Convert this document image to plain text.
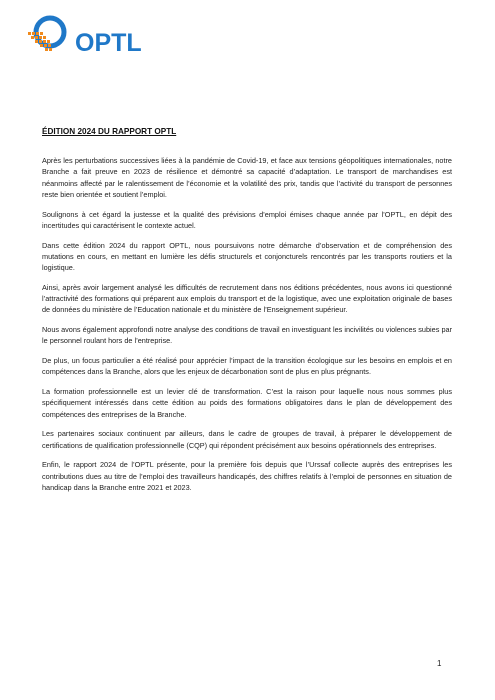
OPTL
ÉDITION 2024 DU RAPPORT OPTL

Après les perturbations successives liées à la pandémie de Covid-19, et face aux tensions géopolitiques internationales, notre Branche a fait preuve en 2023 de résilience et démontré sa capacité d’adaptation. Le transport de marchandises est néanmoins affecté par le ralentissement de l’économie et la volatilité des prix, tandis que l’activité du transport de personnes reste bien orientée et soutient l’emploi.

Soulignons à cet égard la justesse et la qualité des prévisions d’emploi émises chaque année par l’OPTL, en dépit des incertitudes qui caractérisent le contexte actuel.

Dans cette édition 2024 du rapport OPTL, nous poursuivons notre démarche d’observation et de compréhension des mutations en cours, en mettant en lumière les défis structurels et conjoncturels rencontrés par les transports routiers et la logistique.

Ainsi, après avoir largement analysé les difficultés de recrutement dans nos éditions précédentes, nous avons ici questionné l’attractivité des formations qui préparent aux emplois du transport et de la logistique, avec une exploitation originale de bases de données du ministère de l’Education nationale et du ministère de l’Enseignement supérieur.

Nous avons également approfondi notre analyse des conditions de travail en investiguant les incivilités ou violences subies par le personnel roulant hors de l’entreprise.

De plus, un focus particulier a été réalisé pour apprécier l’impact de la transition écologique sur les besoins en emplois et en compétences dans la Branche, alors que les enjeux de décarbonation sont de plus en plus prégnants.

La formation professionnelle est un levier clé de transformation. C’est la raison pour laquelle nous nous sommes plus spécifiquement intéressés dans cette édition au poids des formations obligatoires dans le plan de développement des compétences des entreprises de la Branche.

Les partenaires sociaux continuent par ailleurs, dans le cadre de groupes de travail, à préparer le développement de certifications de qualification professionnelle (CQP) qui répondent précisément aux besoins opérationnels des entreprises.

Enfin, le rapport 2024 de l’OPTL présente, pour la première fois depuis que l’Urssaf collecte auprès des entreprises les contributions dues au titre de l’emploi des travailleurs handicapés, des chiffres relatifs à l’emploi de personnes en situation de handicap dans la Branche entre 2021 et 2023.

1
